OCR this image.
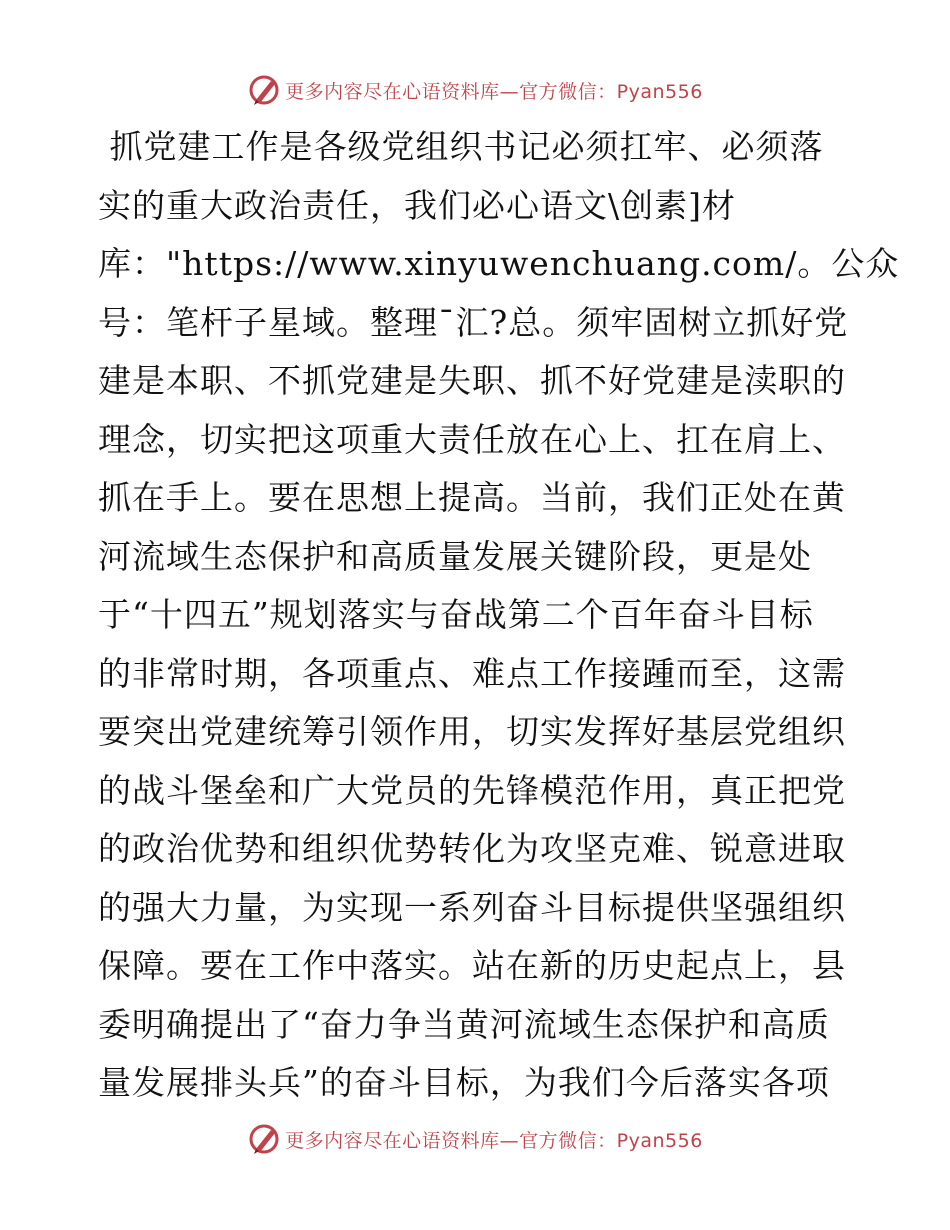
更多内容尽在心语资料库—官方微信：Pyan556
抓党建工作是各级党组织书记必须扛牢、必须落
实的重大政治责任，我们必心语文\创素]材
库："https://www.xinyuwenchuang.com/。公众
号：笔杆子星域。整理¯汇?总。须牢固树立抓好党
建是本职、不抓党建是失职、抓不好党建是渎职的
理念，切实把这项重大责任放在心上、扛在肩上、
抓在手上。要在思想上提高。当前，我们正处在黄
河流域生态保护和高质量发展关键阶段，更是处
于“十四五”规划落实与奋战第二个百年奋斗目标
的非常时期，各项重点、难点工作接踵而至，这需
要突出党建统筹引领作用，切实发挥好基层党组织
的战斗堡垒和广大党员的先锋模范作用，真正把党
的政治优势和组织优势转化为攻坚克难、锐意进取
的强大力量，为实现一系列奋斗目标提供坚强组织
保障。要在工作中落实。站在新的历史起点上，县
委明确提出了“奋力争当黄河流域生态保护和高质
量发展排头兵”的奋斗目标，为我们今后落实各项
更多内容尽在心语资料库—官方微信：Pyan556
